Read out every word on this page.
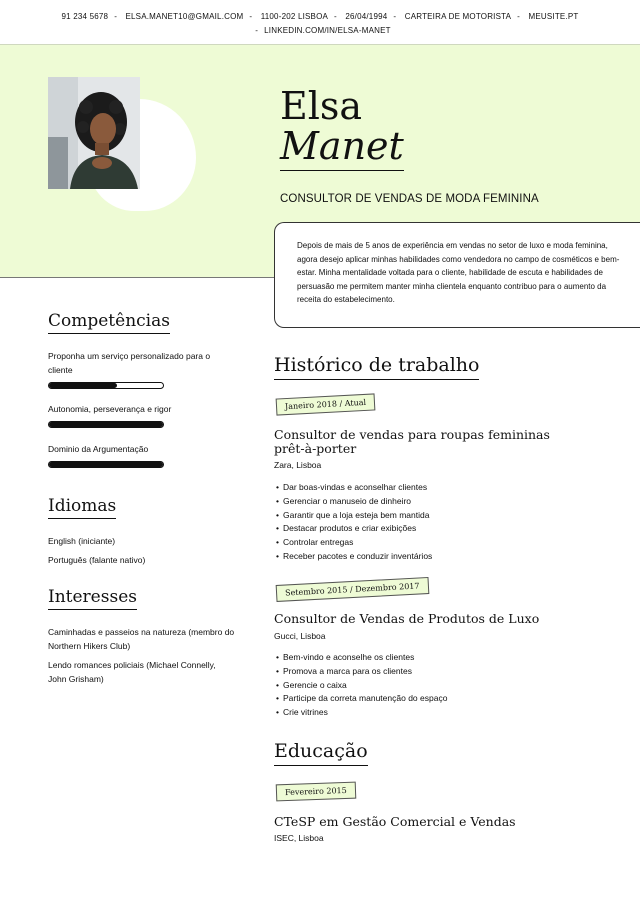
91 234 5678 - ELSA.MANET10@GMAIL.COM - 1100-202 LISBOA - 26/04/1994 - CARTEIRA DE MOTORISTA - MEUSITE.PT
- LINKEDIN.COM/IN/ELSA-MANET
Elsa
Manet
CONSULTOR DE VENDAS DE MODA FEMININA
Depois de mais de 5 anos de experiência em vendas no setor de luxo e moda feminina, agora desejo aplicar minhas habilidades como vendedora no campo de cosméticos e bem-estar. Minha mentalidade voltada para o cliente, habilidade de escuta e habilidades de persuasão me permitem manter minha clientela enquanto contribuo para o aumento da receita do estabelecimento.
Competências
Proponha um serviço personalizado para o cliente
Autonomia, perseverança e rigor
Dominio da Argumentação
Idiomas
English (iniciante)
Português (falante nativo)
Interesses
Caminhadas e passeios na natureza (membro do Northern Hikers Club)
Lendo romances policiais (Michael Connelly, John Grisham)
Histórico de trabalho
Janeiro 2018 / Atual
Consultor de vendas para roupas femininas prêt-à-porter
Zara, Lisboa
• Dar boas-vindas e aconselhar clientes
• Gerenciar o manuseio de dinheiro
• Garantir que a loja esteja bem mantida
• Destacar produtos e criar exibições
• Controlar entregas
• Receber pacotes e conduzir inventários
Setembro 2015 / Dezembro 2017
Consultor de Vendas de Produtos de Luxo
Gucci, Lisboa
• Bem-vindo e aconselhe os clientes
• Promova a marca para os clientes
• Gerencie o caixa
• Participe da correta manutenção do espaço
• Crie vitrines
Educação
Fevereiro 2015
CTeSP em Gestão Comercial e Vendas
ISEC, Lisboa
